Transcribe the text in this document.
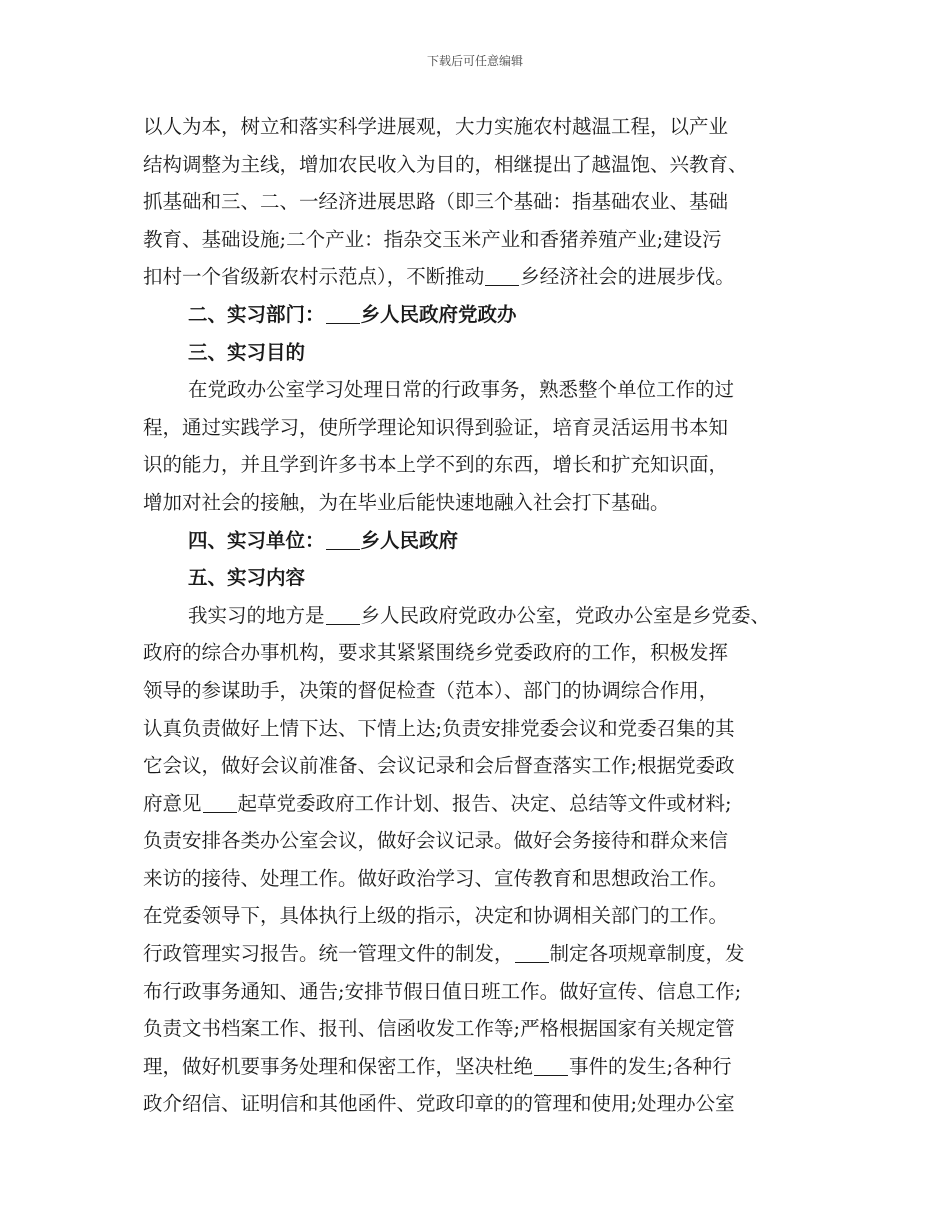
下载后可任意编辑
以人为本，树立和落实科学进展观，大力实施农村越温工程，以产业
结构调整为主线，增加农民收入为目的，相继提出了越温饱、兴教育、
抓基础和三、二、一经济进展思路（即三个基础：指基础农业、基础
教育、基础设施;二个产业：指杂交玉米产业和香猪养殖产业;建设污
扣村一个省级新农村示范点），不断推动 乡经济社会的进展步伐。
二、实习部门： 乡人民政府党政办
三、实习目的
在党政办公室学习处理日常的行政事务，熟悉整个单位工作的过
程，通过实践学习，使所学理论知识得到验证，培育灵活运用书本知
识的能力，并且学到许多书本上学不到的东西，增长和扩充知识面，
增加对社会的接触，为在毕业后能快速地融入社会打下基础。
四、实习单位： 乡人民政府
五、实习内容
我实习的地方是 乡人民政府党政办公室，党政办公室是乡党委、
政府的综合办事机构，要求其紧紧围绕乡党委政府的工作，积极发挥
领导的参谋助手，决策的督促检查（范本）、部门的协调综合作用，
认真负责做好上情下达、下情上达;负责安排党委会议和党委召集的其
它会议，做好会议前准备、会议记录和会后督查落实工作;根据党委政
府意见 起草党委政府工作计划、报告、决定、总结等文件或材料;
负责安排各类办公室会议，做好会议记录。做好会务接待和群众来信
来访的接待、处理工作。做好政治学习、宣传教育和思想政治工作。
在党委领导下，具体执行上级的指示，决定和协调相关部门的工作。
行政管理实习报告。统一管理文件的制发， 制定各项规章制度，发
布行政事务通知、通告;安排节假日值日班工作。做好宣传、信息工作;
负责文书档案工作、报刊、信函收发工作等;严格根据国家有关规定管
理，做好机要事务处理和保密工作，坚决杜绝 事件的发生;各种行
政介绍信、证明信和其他函件、党政印章的的管理和使用;处理办公室
